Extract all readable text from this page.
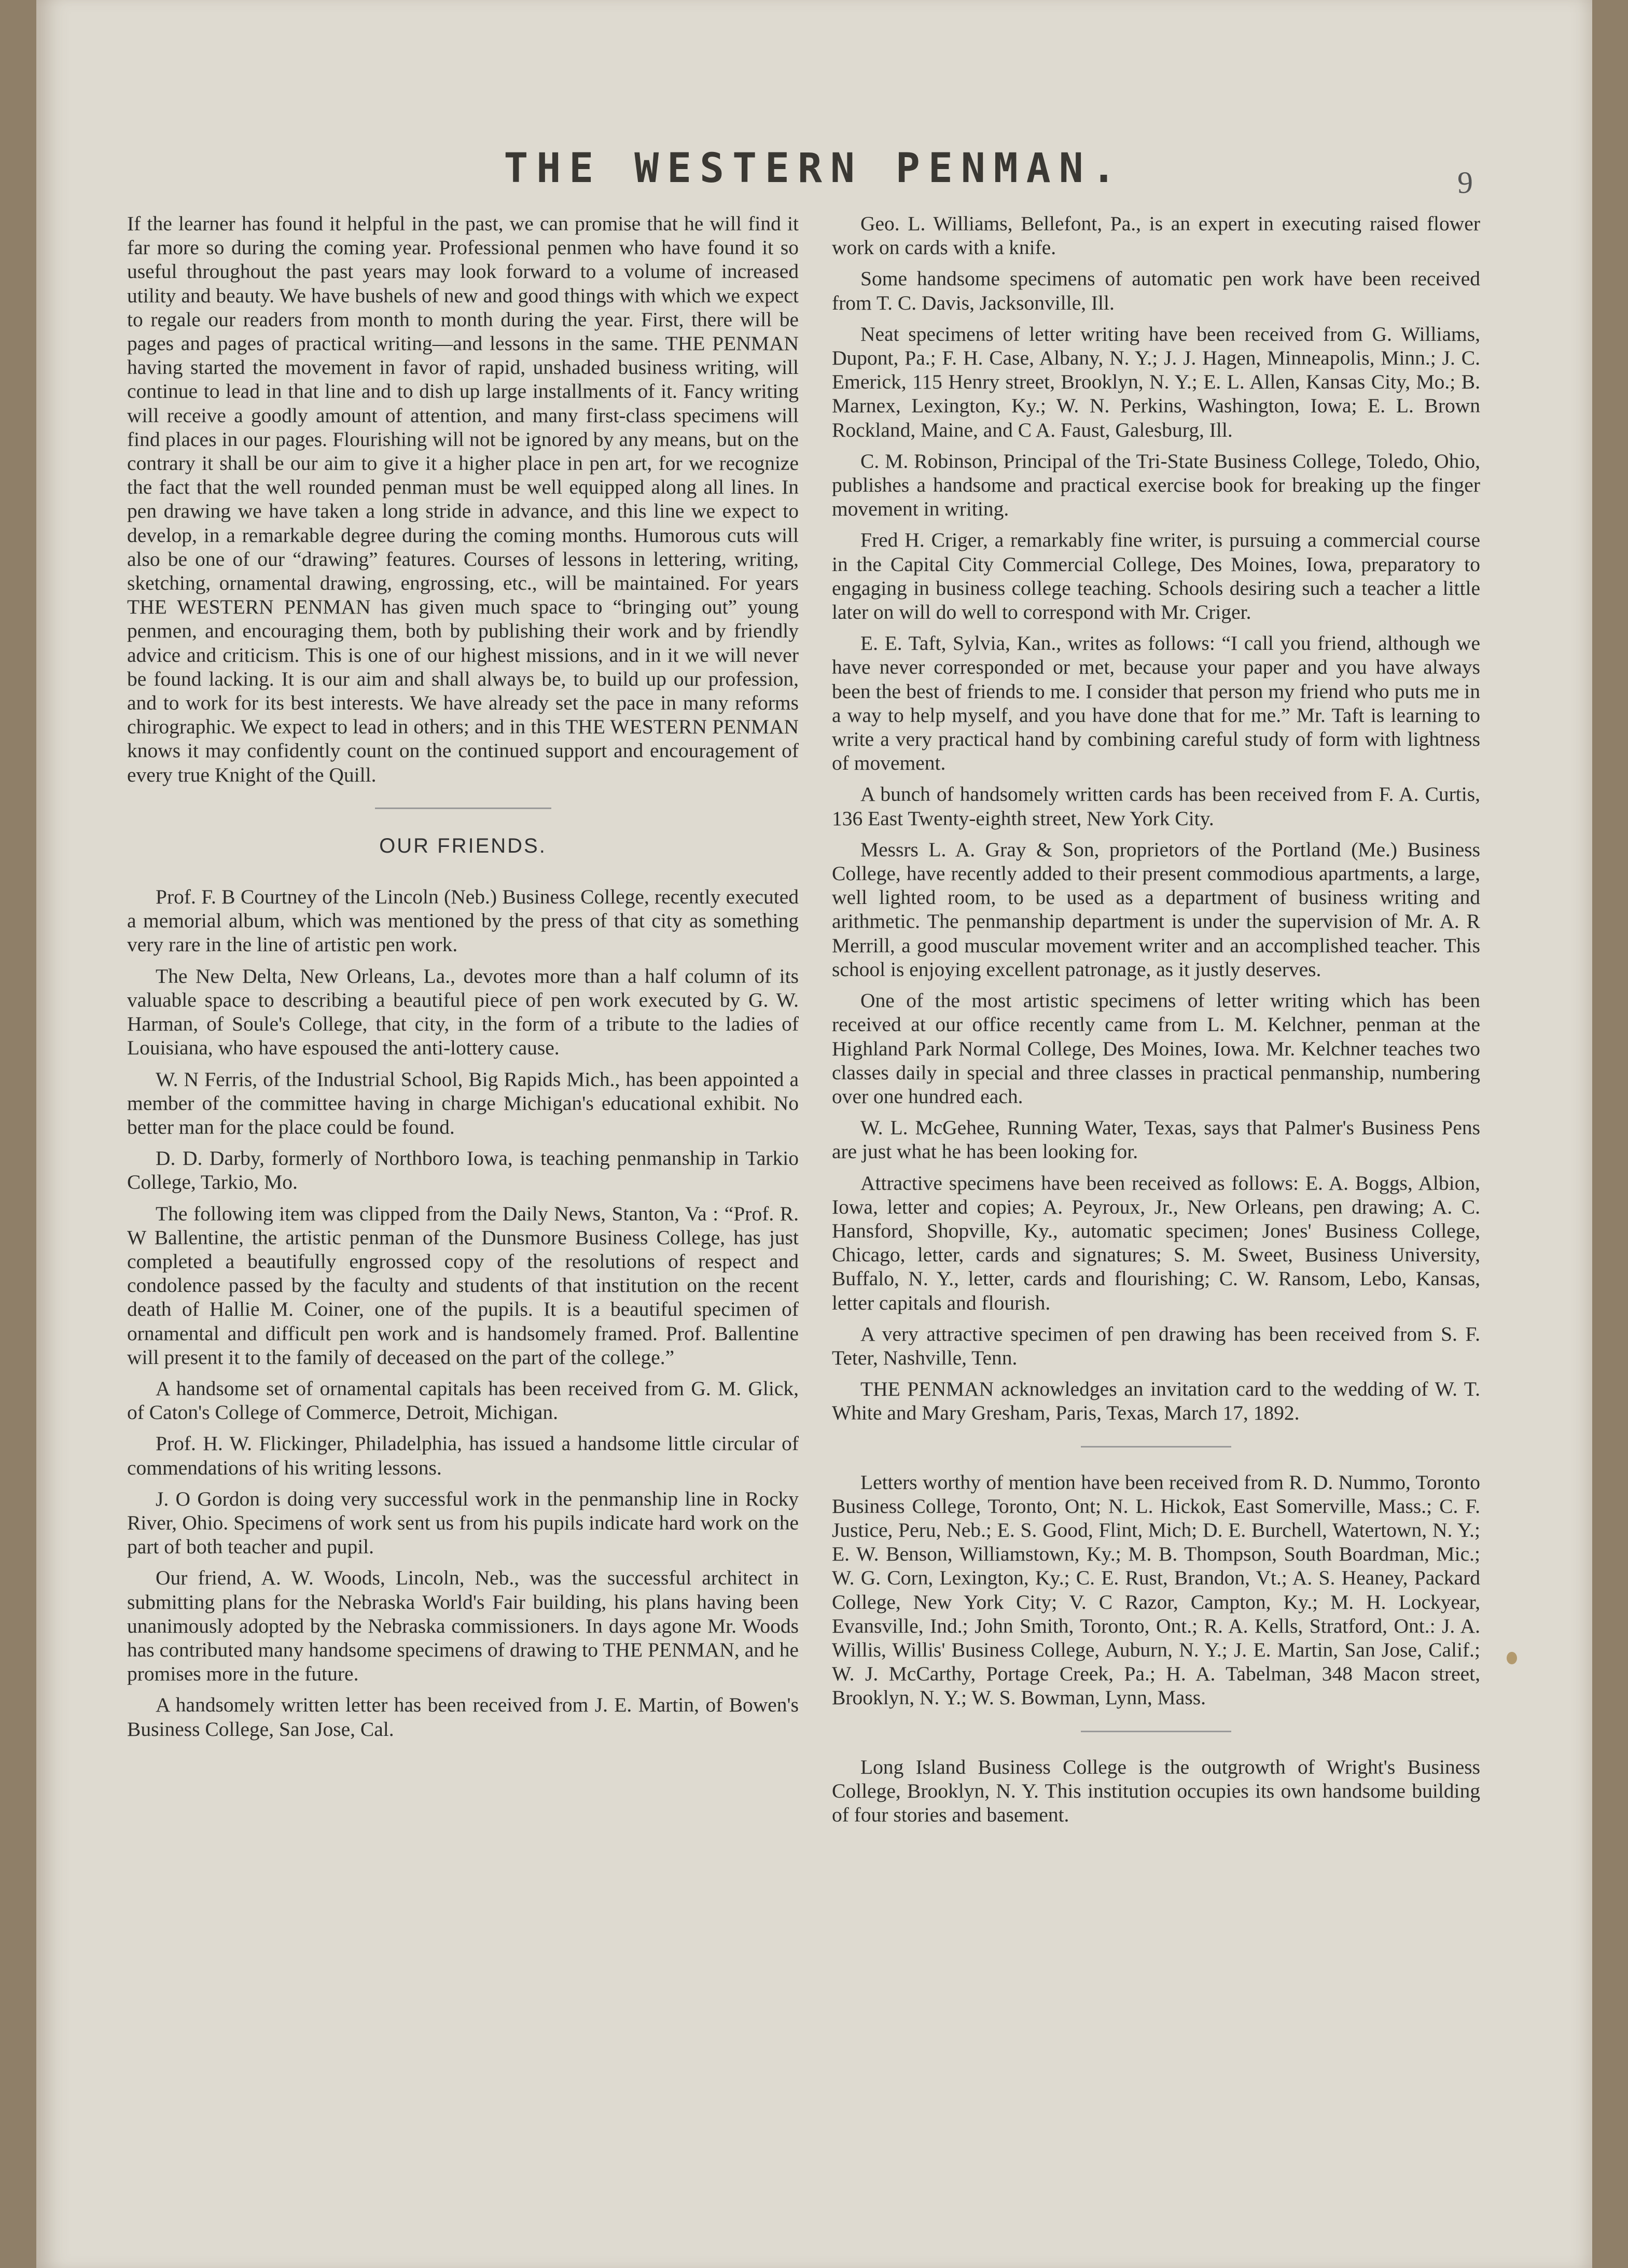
THE WESTERN PENMAN.	9

If the learner has found it helpful in the past, we can promise that he will find it far more so during the coming year. Professional penmen who have found it so useful throughout the past years may look forward to a volume of increased utility and beauty. We have bushels of new and good things with which we expect to regale our readers from month to month during the year. First, there will be pages and pages of practical writing—and lessons in the same. THE PENMAN having started the movement in favor of rapid, unshaded business writing, will continue to lead in that line and to dish up large installments of it. Fancy writing will receive a goodly amount of attention, and many first-class specimens will find places in our pages. Flourishing will not be ignored by any means, but on the contrary it shall be our aim to give it a higher place in pen art, for we recognize the fact that the well rounded penman must be well equipped along all lines. In pen drawing we have taken a long stride in advance, and this line we expect to develop, in a remarkable degree during the coming months. Humorous cuts will also be one of our “drawing” features. Courses of lessons in lettering, writing, sketching, ornamental drawing, engrossing, etc., will be maintained. For years THE WESTERN PENMAN has given much space to “bringing out” young penmen, and encouraging them, both by publishing their work and by friendly advice and criticism. This is one of our highest missions, and in it we will never be found lacking. It is our aim and shall always be, to build up our profession, and to work for its best interests. We have already set the pace in many reforms chirographic. We expect to lead in others; and in this THE WESTERN PENMAN knows it may confidently count on the continued support and encouragement of every true Knight of the Quill.

OUR FRIENDS.

Prof. F. B Courtney of the Lincoln (Neb.) Business College, recently executed a memorial album, which was mentioned by the press of that city as something very rare in the line of artistic pen work.

The New Delta, New Orleans, La., devotes more than a half column of its valuable space to describing a beautiful piece of pen work executed by G. W. Harman, of Soule's College, that city, in the form of a tribute to the ladies of Louisiana, who have espoused the anti-lottery cause.

W. N Ferris, of the Industrial School, Big Rapids Mich., has been appointed a member of the committee having in charge Michigan's educational exhibit. No better man for the place could be found.

D. D. Darby, formerly of Northboro Iowa, is teaching penmanship in Tarkio College, Tarkio, Mo.

The following item was clipped from the Daily News, Stanton, Va : “Prof. R. W Ballentine, the artistic penman of the Dunsmore Business College, has just completed a beautifully engrossed copy of the resolutions of respect and condolence passed by the faculty and students of that institution on the recent death of Hallie M. Coiner, one of the pupils. It is a beautiful specimen of ornamental and difficult pen work and is handsomely framed. Prof. Ballentine will present it to the family of deceased on the part of the college.”

A handsome set of ornamental capitals has been received from G. M. Glick, of Caton's College of Commerce, Detroit, Michigan.

Prof. H. W. Flickinger, Philadelphia, has issued a handsome little circular of commendations of his writing lessons.

J. O Gordon is doing very successful work in the penmanship line in Rocky River, Ohio. Specimens of work sent us from his pupils indicate hard work on the part of both teacher and pupil.

Our friend, A. W. Woods, Lincoln, Neb., was the successful architect in submitting plans for the Nebraska World's Fair building, his plans having been unanimously adopted by the Nebraska commissioners. In days agone Mr. Woods has contributed many handsome specimens of drawing to THE PENMAN, and he promises more in the future.

A handsomely written letter has been received from J. E. Martin, of Bowen's Business College, San Jose, Cal.

Geo. L. Williams, Bellefont, Pa., is an expert in executing raised flower work on cards with a knife.

Some handsome specimens of automatic pen work have been received from T. C. Davis, Jacksonville, Ill.

Neat specimens of letter writing have been received from G. Williams, Dupont, Pa.; F. H. Case, Albany, N. Y.; J. J. Hagen, Minneapolis, Minn.; J. C. Emerick, 115 Henry street, Brooklyn, N. Y.; E. L. Allen, Kansas City, Mo.; B. Marnex, Lexington, Ky.; W. N. Perkins, Washington, Iowa; E. L. Brown Rockland, Maine, and C A. Faust, Galesburg, Ill.

C. M. Robinson, Principal of the Tri-State Business College, Toledo, Ohio, publishes a handsome and practical exercise book for breaking up the finger movement in writing.

Fred H. Criger, a remarkably fine writer, is pursuing a commercial course in the Capital City Commercial College, Des Moines, Iowa, preparatory to engaging in business college teaching. Schools desiring such a teacher a little later on will do well to correspond with Mr. Criger.

E. E. Taft, Sylvia, Kan., writes as follows: “I call you friend, although we have never corresponded or met, because your paper and you have always been the best of friends to me. I consider that person my friend who puts me in a way to help myself, and you have done that for me.” Mr. Taft is learning to write a very practical hand by combining careful study of form with lightness of movement.

A bunch of handsomely written cards has been received from F. A. Curtis, 136 East Twenty-eighth street, New York City.

Messrs L. A. Gray & Son, proprietors of the Portland (Me.) Business College, have recently added to their present commodious apartments, a large, well lighted room, to be used as a department of business writing and arithmetic. The penmanship department is under the supervision of Mr. A. R Merrill, a good muscular movement writer and an accomplished teacher. This school is enjoying excellent patronage, as it justly deserves.

One of the most artistic specimens of letter writing which has been received at our office recently came from L. M. Kelchner, penman at the Highland Park Normal College, Des Moines, Iowa. Mr. Kelchner teaches two classes daily in special and three classes in practical penmanship, numbering over one hundred each.

W. L. McGehee, Running Water, Texas, says that Palmer's Business Pens are just what he has been looking for.

Attractive specimens have been received as follows: E. A. Boggs, Albion, Iowa, letter and copies; A. Peyroux, Jr., New Orleans, pen drawing; A. C. Hansford, Shopville, Ky., automatic specimen; Jones' Business College, Chicago, letter, cards and signatures; S. M. Sweet, Business University, Buffalo, N. Y., letter, cards and flourishing; C. W. Ransom, Lebo, Kansas, letter capitals and flourish.

A very attractive specimen of pen drawing has been received from S. F. Teter, Nashville, Tenn.

THE PENMAN acknowledges an invitation card to the wedding of W. T. White and Mary Gresham, Paris, Texas, March 17, 1892.

Letters worthy of mention have been received from R. D. Nummo, Toronto Business College, Toronto, Ont; N. L. Hickok, East Somerville, Mass.; C. F. Justice, Peru, Neb.; E. S. Good, Flint, Mich; D. E. Burchell, Watertown, N. Y.; E. W. Benson, Williamstown, Ky.; M. B. Thompson, South Boardman, Mic.; W. G. Corn, Lexington, Ky.; C. E. Rust, Brandon, Vt.; A. S. Heaney, Packard College, New York City; V. C Razor, Campton, Ky.; M. H. Lockyear, Evansville, Ind.; John Smith, Toronto, Ont.; R. A. Kells, Stratford, Ont.: J. A. Willis, Willis' Business College, Auburn, N. Y.; J. E. Martin, San Jose, Calif.; W. J. McCarthy, Portage Creek, Pa.; H. A. Tabelman, 348 Macon street, Brooklyn, N. Y.; W. S. Bowman, Lynn, Mass.

Long Island Business College is the outgrowth of Wright's Business College, Brooklyn, N. Y. This institution occupies its own handsome building of four stories and basement.
